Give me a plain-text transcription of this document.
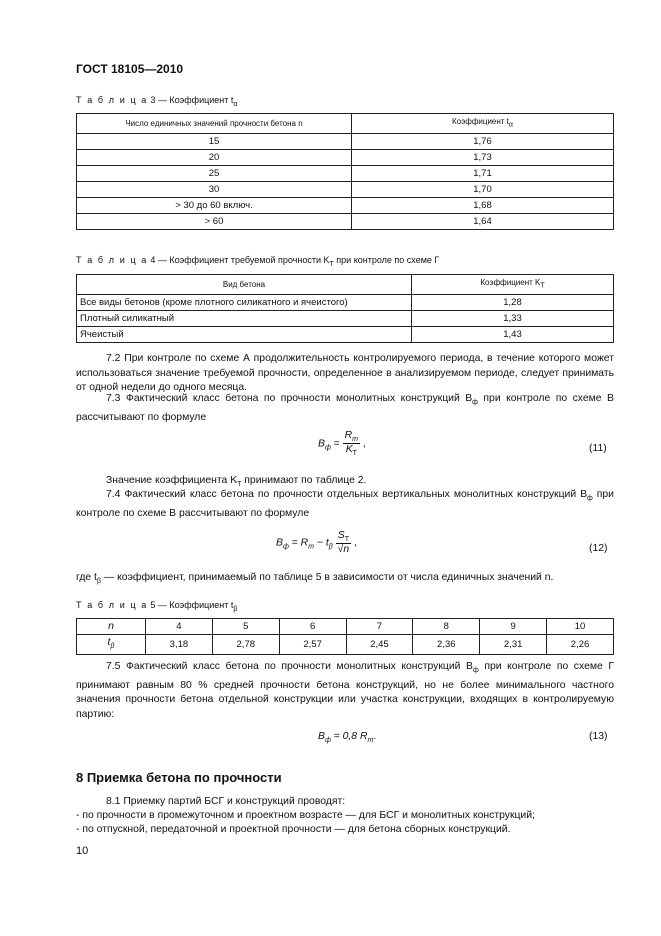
ГОСТ 18105—2010
Т а б л и ц а 3 — Коэффициент $t_\alpha$
Число единичных значений прочности бетона n	Коэффициент $t_\alpha$
15	1,76
20	1,73
25	1,71
30	1,70
> 30 до 60 включ.	1,68
> 60	1,64
Т а б л и ц а 4 — Коэффициент требуемой прочности $K_Т$ при контроле по схеме Г
Вид бетона	Коэффициент $K_Т$
Все виды бетонов (кроме плотного силикатного и ячеистого)	1,28
Плотный силикатный	1,33
Ячеистый	1,43
7.2 При контроле по схеме А продолжительность контролируемого периода, в течение которого может использоваться значение требуемой прочности, определенное в анализируемом периоде, следует принимать от одной недели до одного месяца.
7.3 Фактический класс бетона по прочности монолитных конструкций $B_ф$ при контроле по схеме В рассчитывают по формуле
$B_ф = \frac{R_m}{K_Т}$ ,	(11)
Значение коэффициента $K_Т$ принимают по таблице 2.
7.4 Фактический класс бетона по прочности отдельных вертикальных монолитных конструкций $B_ф$ при контроле по схеме В рассчитывают по формуле
$B_ф = R_m - t_\beta \frac{S_Т}{√n}$ ,
(12)
где $t_\beta$ — коэффициент, принимаемый по таблице 5 в зависимости от числа единичных значений n.
Т а б л и ц а 5 — Коэффициент $t_\beta$
n	4	5	6	7	8	9	10
$t_\beta$	3,18	2,78	2,57	2,45	2,36	2,31	2,26
7.5 Фактический класс бетона по прочности монолитных конструкций $B_ф$ при контроле по схеме Г принимают равным 80 % средней прочности бетона конструкций, но не более минимального частного значения прочности бетона отдельной конструкции или участка конструкции, входящих в контролируемую партию:
$B_ф = 0,8$ $R_m$.	(13)
8 Приемка бетона по прочности
8.1 Приемку партий БСГ и конструкций проводят:
- по прочности в промежуточном и проектном возрасте — для БСГ и монолитных конструкций;
- по отпускной, передаточной и проектной прочности — для бетона сборных конструкций.
10
